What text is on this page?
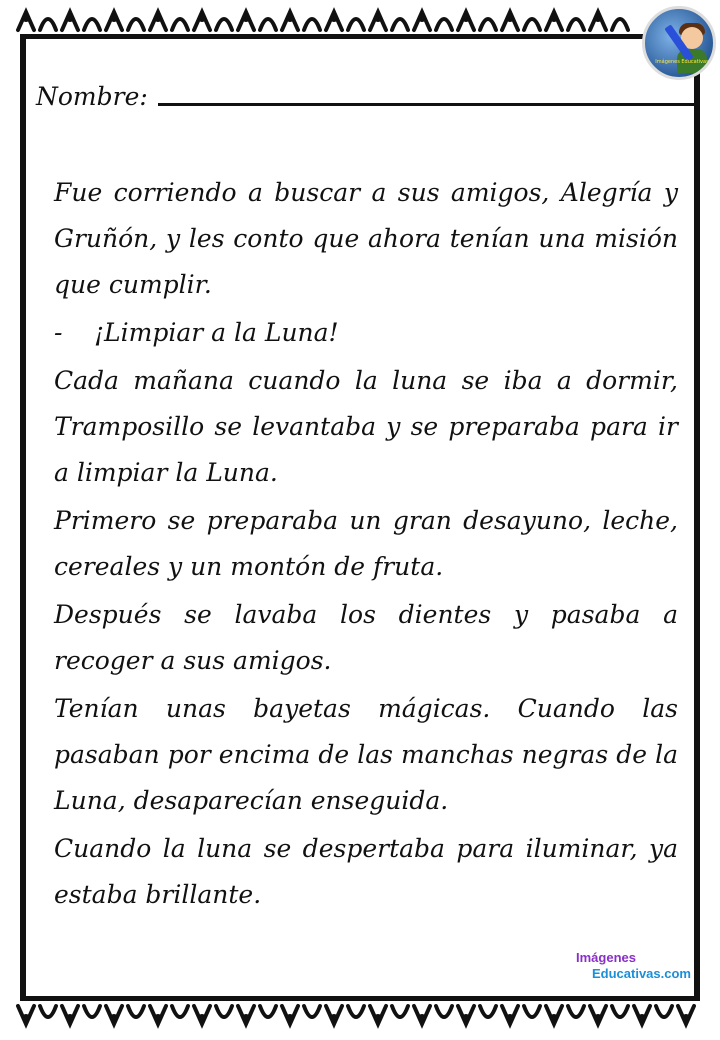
Imágenes Educativas
Nombre:

Fue corriendo a buscar a sus amigos, Alegría y Gruñón, y les conto que ahora tenían una misión que cumplir.

- ¡Limpiar a la Luna!

Cada mañana cuando la luna se iba a dormir, Tramposillo se levantaba y se preparaba para ir a limpiar la Luna.

Primero se preparaba un gran desayuno, leche, cereales y un montón de fruta.

Después se lavaba los dientes y pasaba a recoger a sus amigos.

Tenían unas bayetas mágicas. Cuando las pasaban por encima de las manchas negras de la Luna, desaparecían enseguida.

Cuando la luna se despertaba para iluminar, ya estaba brillante.

Imágenes
Educativas.com
